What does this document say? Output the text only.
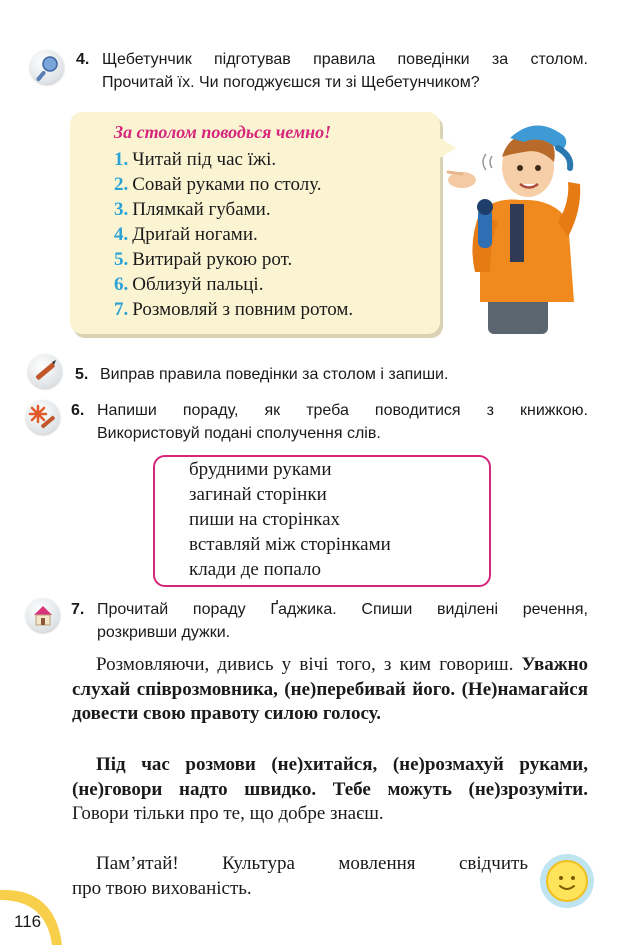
4. Щебетунчик підготував правила поведінки за столом.
Прочитай їх. Чи погоджуєшся ти зі Щебетунчиком?
За столом поводься чемно!
1. Читай під час їжі.
2. Совай руками по столу.
3. Плямкай губами.
4. Дриґай ногами.
5. Витирай рукою рот.
6. Облизуй пальці.
7. Розмовляй з повним ротом.
5. Виправ правила поведінки за столом і запиши.
6. Напиши пораду, як треба поводитися з книжкою.
Використовуй подані сполучення слів.
брудними руками
загинай сторінки
пиши на сторінках
вставляй між сторінками
клади де попало
7. Прочитай пораду Ґаджика. Спиши виділені речення,
розкривши дужки.
Розмовляючи, дивись у вічі того, з ким говориш. Уважно слухай співрозмовника, (не)перебивай його. (Не)намагайся довести свою правоту силою голосу.
Під час розмови (не)хитайся, (не)розмахуй руками, (не)говори надто швидко. Тебе можуть (не)зрозуміти. Говори тільки про те, що добре знаєш.
Пам’ятай! Культура мовлення свідчить
про твою вихованість.
116
